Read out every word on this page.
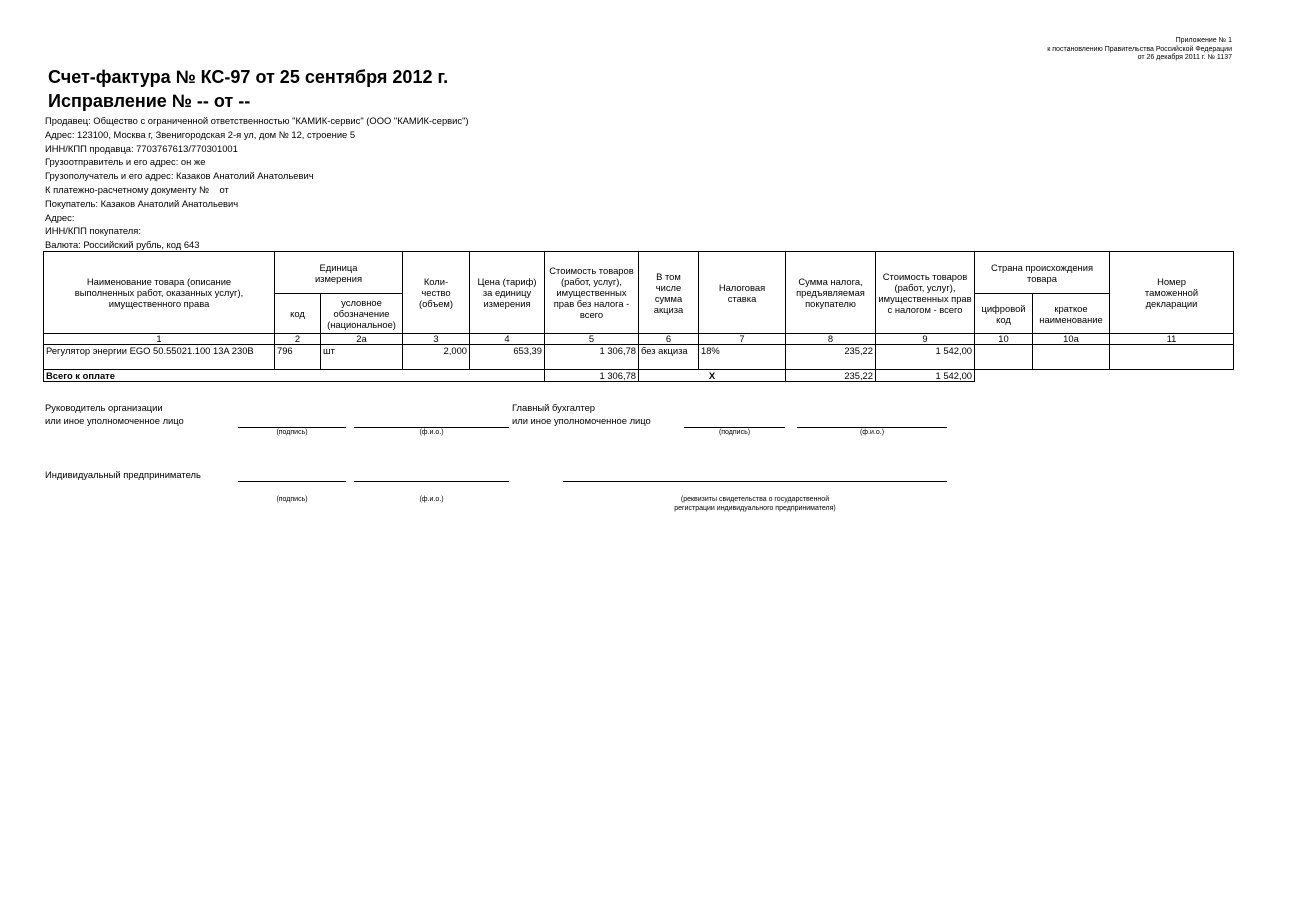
Приложение № 1
к постановлению Правительства Российской Федерации
от 26 декабря 2011 г. № 1137
Счет-фактура № КС-97 от 25 сентября 2012 г.
Исправление № -- от --
Продавец: Общество с ограниченной ответственностью "КАМИК-сервис" (ООО "КАМИК-сервис")
Адрес: 123100, Москва г, Звенигородская 2-я ул, дом № 12, строение 5
ИНН/КПП продавца: 7703767613/770301001
Грузоотправитель и его адрес: он же
Грузополучатель и его адрес: Казаков Анатолий Анатольевич
К платежно-расчетному документу №    от
Покупатель: Казаков Анатолий Анатольевич
Адрес:
ИНН/КПП покупателя:
Валюта: Российский рубль, код 643
Наименование товара (описание выполненных работ, оказанных услуг), имущественного права	Единица измерения		Коли-чество (объем)	Цена (тариф) за единицу измерения	Стоимость товаров (работ, услуг), имущественных прав без налога - всего	В том числе сумма акциза	Налоговая ставка	Сумма налога, предъявляемая покупателю	Стоимость товаров (работ, услуг), имущественных прав с налогом - всего	Страна происхождения товара		Номер таможенной декларации
	код	условное обозначение (национальное)								цифровой код	краткое наименование	
1	2	2а	3	4	5	6	7	8	9	10	10а	11
Регулятор энергии EGO 50.55021.100 13A 230В	796	шт	2,000	653,39	1 306,78	без акциза	18%	235,22	1 542,00			
Всего к оплате					1 306,78	X		235,22	1 542,00			
Руководитель организации
или иное уполномоченное лицо
(подпись)	(ф.и.о.)
Главный бухгалтер
или иное уполномоченное лицо
(подпись)	(ф.и.о.)
Индивидуальный предприниматель
(подпись)	(ф.и.о.)	(реквизиты свидетельства о государственной
регистрации индивидуального предпринимателя)
